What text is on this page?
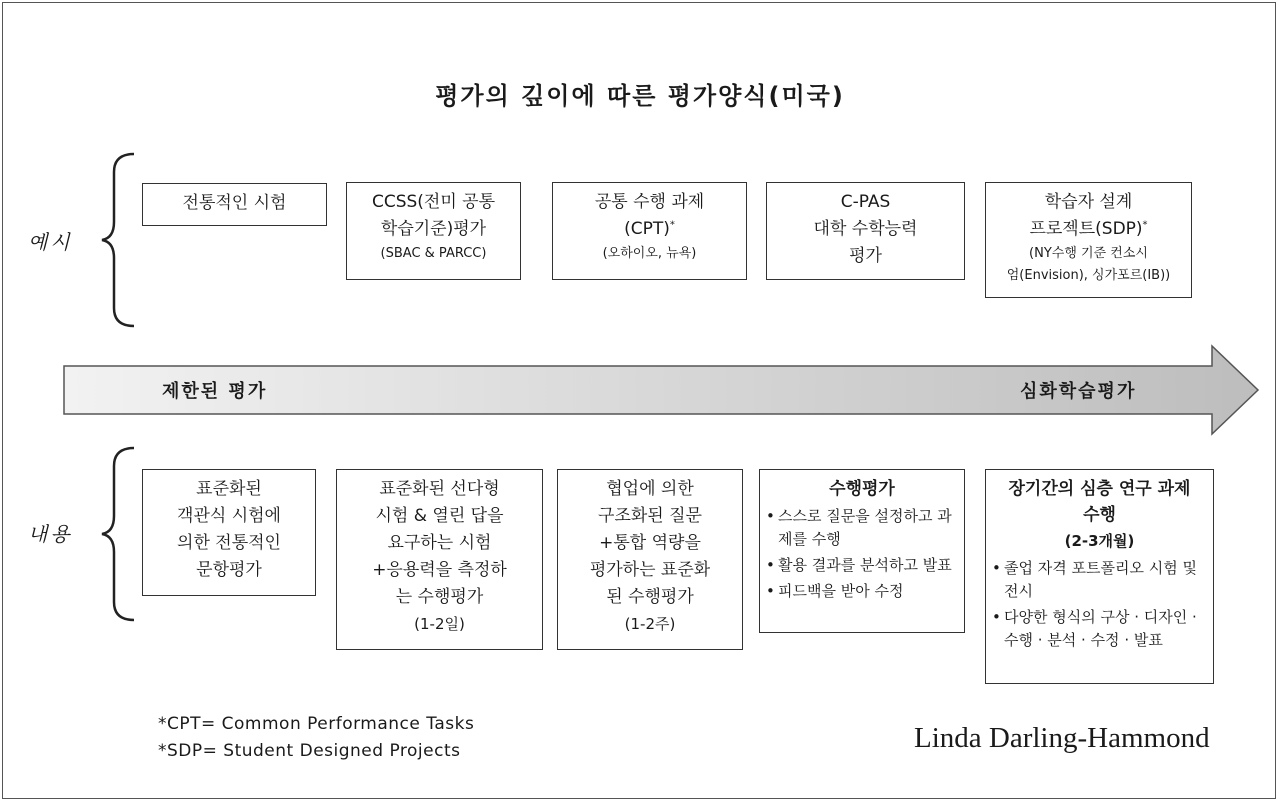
평가의 깊이에 따른 평가양식(미국)
예시
전통적인 시험	CCSS(전미 공통
학습기준)평가
(SBAC & PARCC)
공통 수행 과제
(CPT)*
(오하이오, 뉴욕)
C-PAS
대학 수학능력
평가
학습자 설계
프로젝트(SDP)*
(NY수행 기준 컨소시
엄(Envision), 싱가포르(IB))
제한된 평가	심화학습평가
내용
표준화된
객관식 시험에
의한 전통적인
문항평가
표준화된 선다형
시험 & 열린 답을
요구하는 시험
+응용력을 측정하
는 수행평가
(1-2일)
협업에 의한
구조화된 질문
+통합 역량을
평가하는 표준화
된 수행평가
(1-2주)
수행평가
• 스스로 질문을 설정하고 과제를 수행
• 활용 결과를 분석하고 발표
• 피드백을 받아 수정
장기간의 심층 연구 과제 수행
(2-3개월)
• 졸업 자격 포트폴리오 시험 및 전시
• 다양한 형식의 구상 · 디자인 · 수행 · 분석 · 수정 · 발표
*CPT= Common Performance Tasks
*SDP= Student Designed Projects	Linda Darling-Hammond
